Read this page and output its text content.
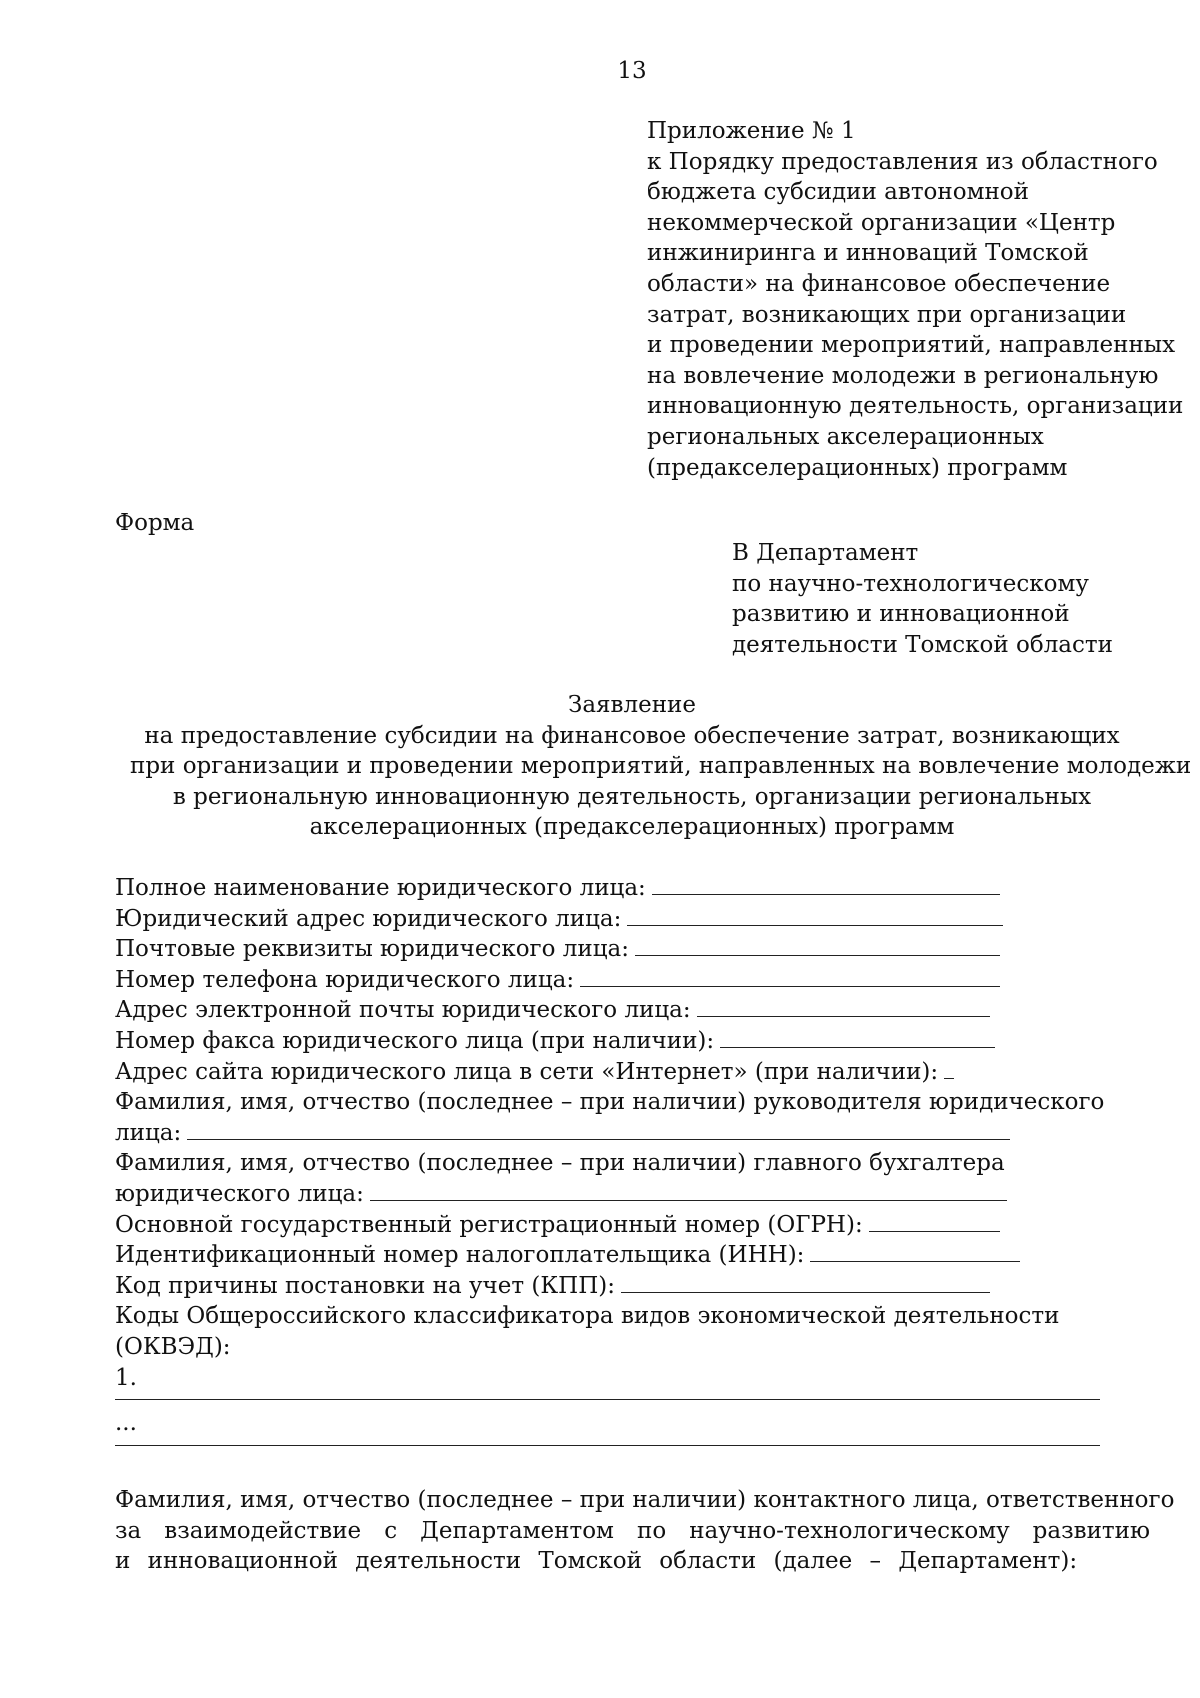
13
Приложение № 1
к Порядку предоставления из областного
бюджета субсидии автономной
некоммерческой организации «Центр
инжиниринга и инноваций Томской
области» на финансовое обеспечение
затрат, возникающих при организации
и проведении мероприятий, направленных
на вовлечение молодежи в региональную
инновационную деятельность, организации
региональных акселерационных
(предакселерационных) программ
Форма
В Департамент
по научно-технологическому
развитию и инновационной
деятельности Томской области
Заявление
на предоставление субсидии на финансовое обеспечение затрат, возникающих
при организации и проведении мероприятий, направленных на вовлечение молодежи
в региональную инновационную деятельность, организации региональных
акселерационных (предакселерационных) программ
Полное наименование юридического лица:
Юридический адрес юридического лица:
Почтовые реквизиты юридического лица:
Номер телефона юридического лица:
Адрес электронной почты юридического лица:
Номер факса юридического лица (при наличии):
Адрес сайта юридического лица в сети «Интернет» (при наличии):
Фамилия, имя, отчество (последнее – при наличии) руководителя юридического
лица:
Фамилия, имя, отчество (последнее – при наличии) главного бухгалтера
юридического лица:
Основной государственный регистрационный номер (ОГРН):
Идентификационный номер налогоплательщика (ИНН):
Код причины постановки на учет (КПП):
Коды Общероссийского классификатора видов экономической деятельности
(ОКВЭД):
1.
...
Фамилия, имя, отчество (последнее – при наличии) контактного лица, ответственного
за взаимодействие с Департаментом по научно-технологическому развитию
и инновационной деятельности Томской области (далее – Департамент):
